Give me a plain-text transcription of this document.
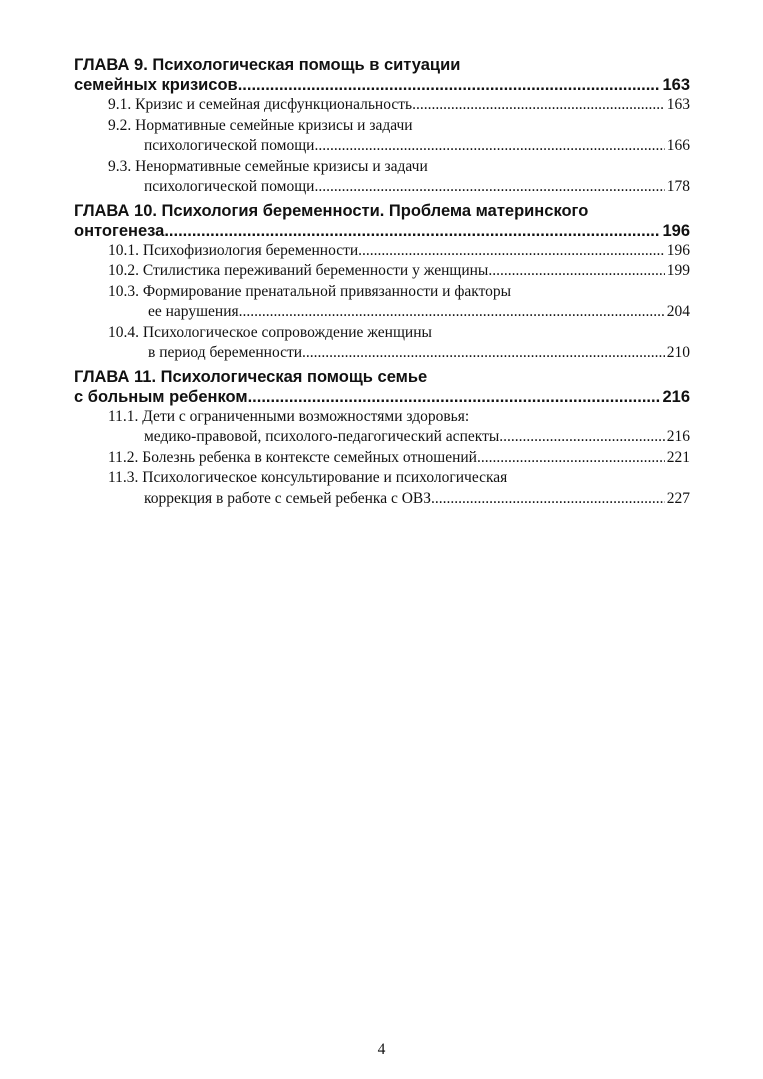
ГЛАВА 9. Психологическая помощь в ситуации
семейных кризисов .....	163
9.1. Кризис и семейная дисфункциональность .....	163
9.2. Нормативные семейные кризисы и задачи
психологической помощи .....	166
9.3. Ненормативные семейные кризисы и задачи
психологической помощи .....	178
ГЛАВА 10. Психология беременности. Проблема материнского
онтогенеза .....	196
10.1. Психофизиология беременности .....	196
10.2. Стилистика переживаний беременности у женщины .....	199
10.3. Формирование пренатальной привязанности и факторы
ее нарушения .....	204
10.4. Психологическое сопровождение женщины
в период беременности .....	210
ГЛАВА 11. Психологическая помощь семье
с больным ребенком .....	216
11.1. Дети с ограниченными возможностями здоровья:
медико-правовой, психолого-педагогический аспекты .....	216
11.2. Болезнь ребенка в контексте семейных отношений .....	221
11.3. Психологическое консультирование и психологическая
коррекция в работе с семьей ребенка с ОВЗ .....	227
4
